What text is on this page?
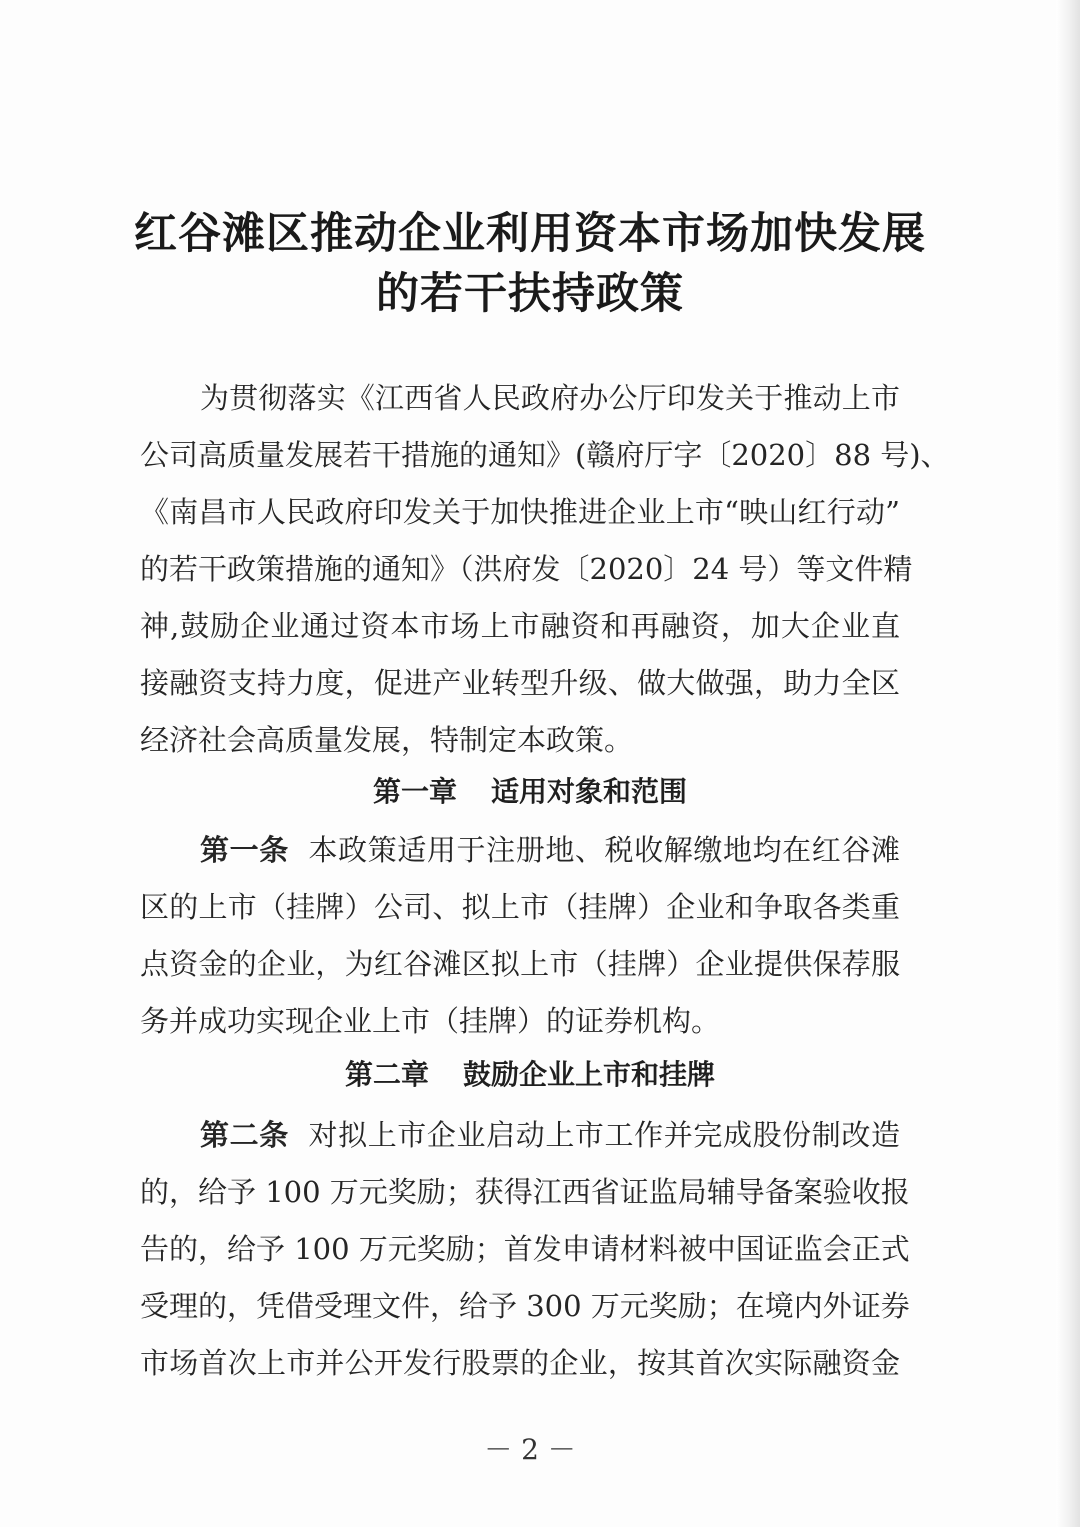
红谷滩区推动企业利用资本市场加快发展
的若干扶持政策
为贯彻落实《江西省人民政府办公厅印发关于推动上市
公司高质量发展若干措施的通知》(赣府厅字〔2020〕88 号)、
《南昌市人民政府印发关于加快推进企业上市“映山红行动”
的若干政策措施的通知》（洪府发〔2020〕24 号）等文件精
神,鼓励企业通过资本市场上市融资和再融资，加大企业直
接融资支持力度，促进产业转型升级、做大做强，助力全区
经济社会高质量发展，特制定本政策。
第一章 适用对象和范围
第一条 本政策适用于注册地、税收解缴地均在红谷滩
区的上市（挂牌）公司、拟上市（挂牌）企业和争取各类重
点资金的企业，为红谷滩区拟上市（挂牌）企业提供保荐服
务并成功实现企业上市（挂牌）的证券机构。
第二章 鼓励企业上市和挂牌
第二条 对拟上市企业启动上市工作并完成股份制改造
的，给予 100 万元奖励；获得江西省证监局辅导备案验收报
告的，给予 100 万元奖励；首发申请材料被中国证监会正式
受理的，凭借受理文件，给予 300 万元奖励；在境内外证券
市场首次上市并公开发行股票的企业，按其首次实际融资金
－ 2 －
